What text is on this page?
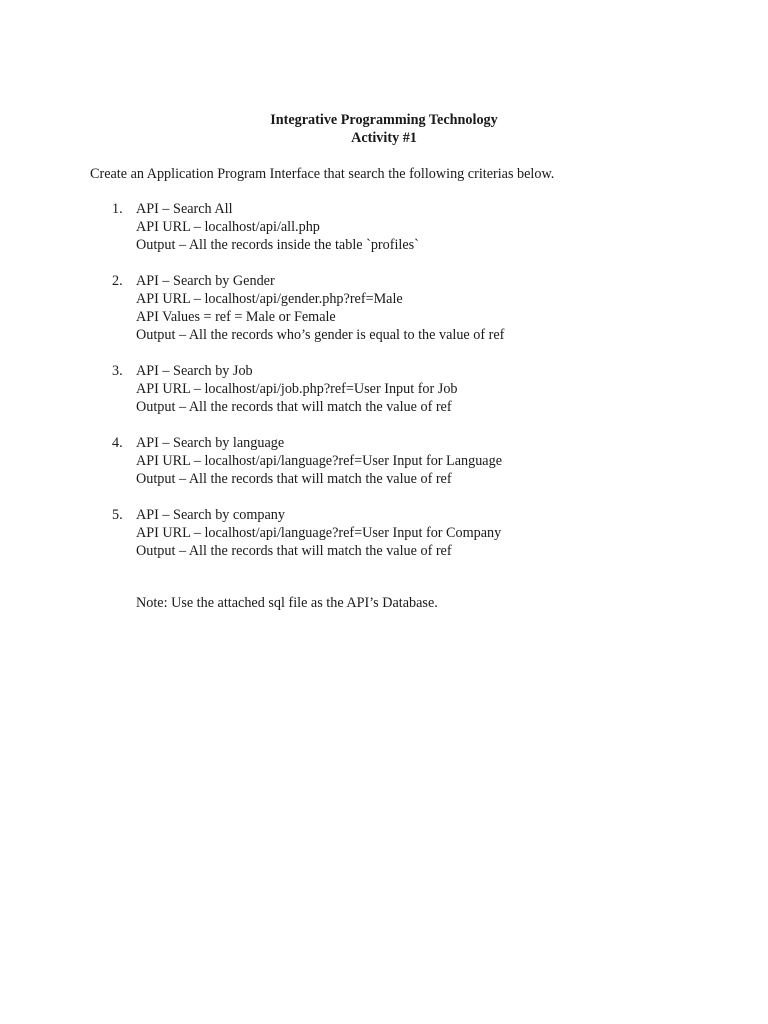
Integrative Programming Technology
Activity #1
Create an Application Program Interface that search the following criterias below.
1. API – Search All
API URL – localhost/api/all.php
Output – All the records inside the table `profiles`
2. API – Search by Gender
API URL – localhost/api/gender.php?ref=Male
API Values = ref = Male or Female
Output – All the records who’s gender is equal to the value of ref
3. API – Search by Job
API URL – localhost/api/job.php?ref=User Input for Job
Output – All the records that will match the value of ref
4. API – Search by language
API URL – localhost/api/language?ref=User Input for Language
Output – All the records that will match the value of ref
5. API – Search by company
API URL – localhost/api/language?ref=User Input for Company
Output – All the records that will match the value of ref
Note: Use the attached sql file as the API’s Database.
